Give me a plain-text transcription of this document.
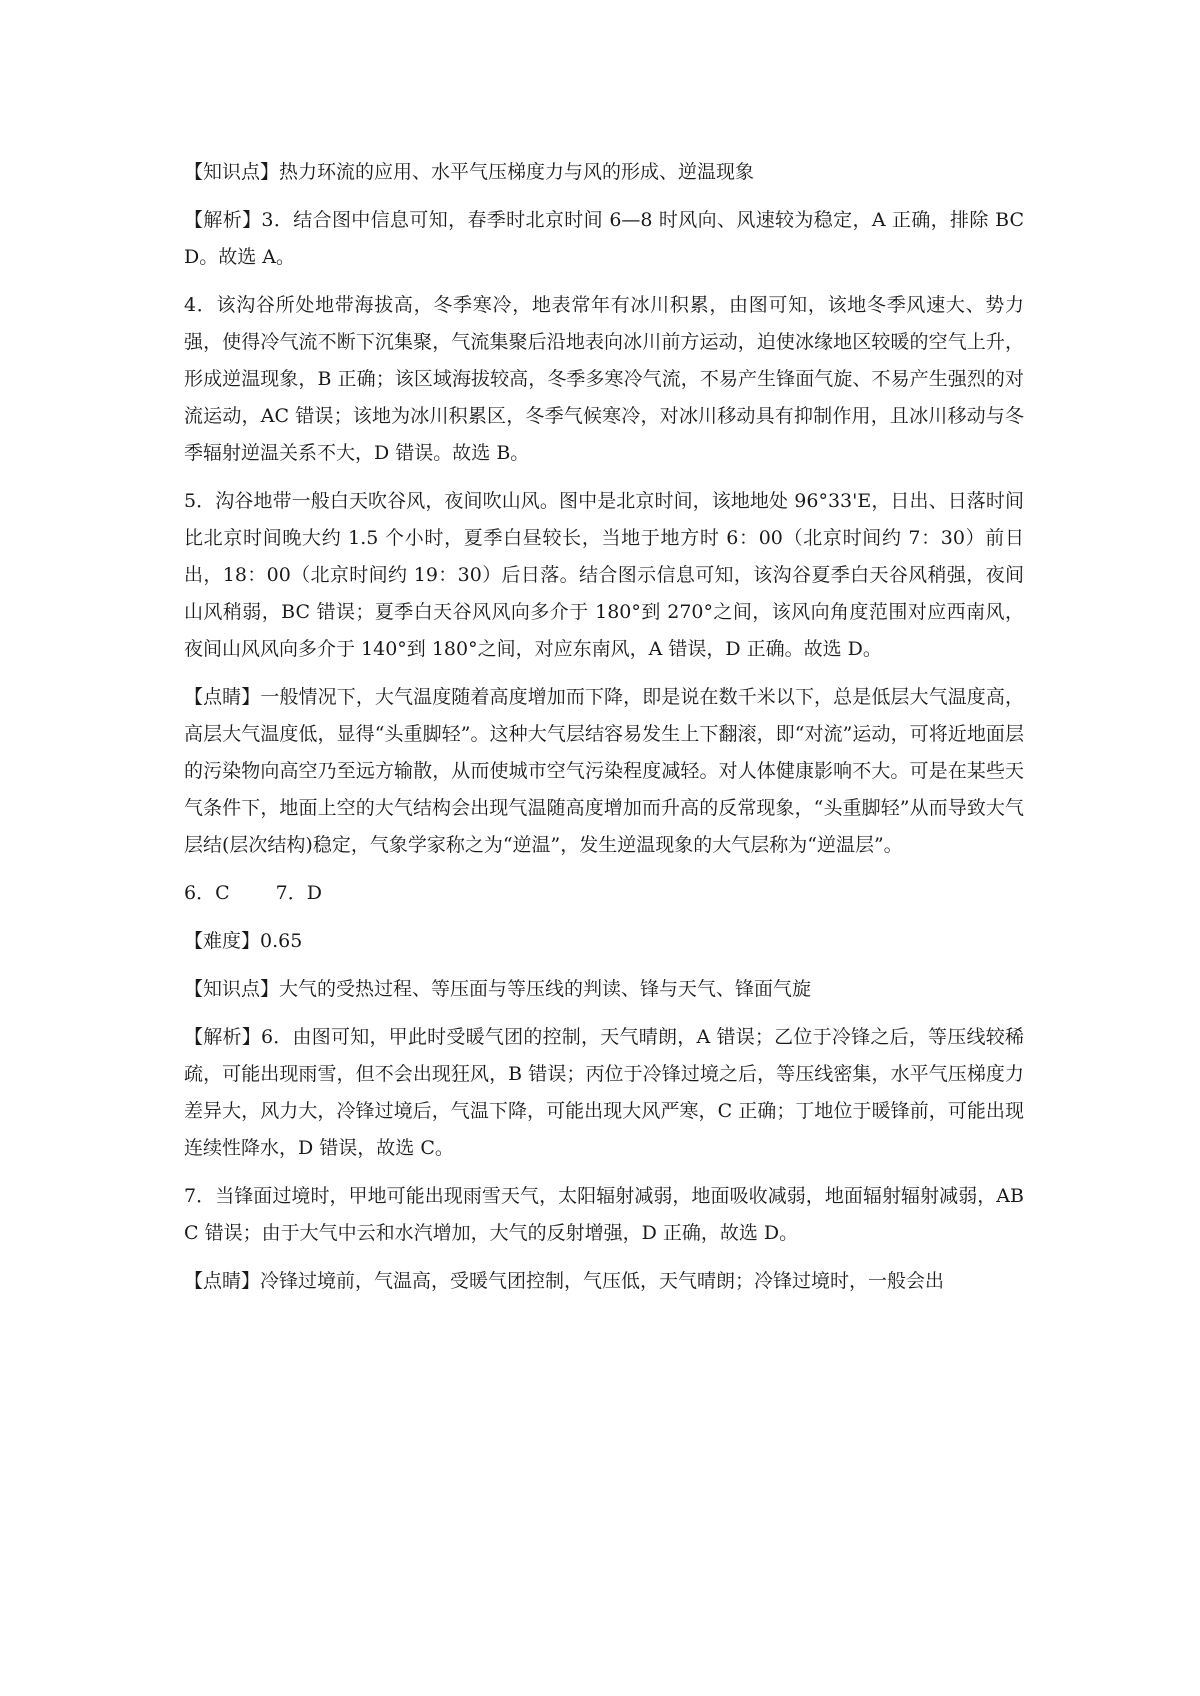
【知识点】热力环流的应用、水平气压梯度力与风的形成、逆温现象

【解析】3．结合图中信息可知，春季时北京时间 6—8 时风向、风速较为稳定，A 正确，排除 BCD。故选 A。

4．该沟谷所处地带海拔高，冬季寒冷，地表常年有冰川积累，由图可知，该地冬季风速大、势力强，使得冷气流不断下沉集聚，气流集聚后沿地表向冰川前方运动，迫使冰缘地区较暖的空气上升，形成逆温现象，B 正确；该区域海拔较高，冬季多寒冷气流，不易产生锋面气旋、不易产生强烈的对流运动，AC 错误；该地为冰川积累区，冬季气候寒冷，对冰川移动具有抑制作用，且冰川移动与冬季辐射逆温关系不大，D 错误。故选 B。

5．沟谷地带一般白天吹谷风，夜间吹山风。图中是北京时间，该地地处 96°33'E，日出、日落时间比北京时间晚大约 1.5 个小时，夏季白昼较长，当地于地方时 6：00（北京时间约 7：30）前日出，18：00（北京时间约 19：30）后日落。结合图示信息可知，该沟谷夏季白天谷风稍强，夜间山风稍弱，BC 错误；夏季白天谷风风向多介于 180°到 270°之间，该风向角度范围对应西南风，夜间山风风向多介于 140°到 180°之间，对应东南风，A 错误，D 正确。故选 D。

【点睛】一般情况下，大气温度随着高度增加而下降，即是说在数千米以下，总是低层大气温度高，高层大气温度低，显得“头重脚轻”。这种大气层结容易发生上下翻滚，即“对流”运动，可将近地面层的污染物向高空乃至远方输散，从而使城市空气污染程度减轻。对人体健康影响不大。可是在某些天气条件下，地面上空的大气结构会出现气温随高度增加而升高的反常现象，“头重脚轻”从而导致大气层结(层次结构)稳定，气象学家称之为“逆温”，发生逆温现象的大气层称为“逆温层”。

6．C 7．D

【难度】0.65

【知识点】大气的受热过程、等压面与等压线的判读、锋与天气、锋面气旋

【解析】6．由图可知，甲此时受暖气团的控制，天气晴朗，A 错误；乙位于冷锋之后，等压线较稀疏，可能出现雨雪，但不会出现狂风，B 错误；丙位于冷锋过境之后，等压线密集，水平气压梯度力差异大，风力大，冷锋过境后，气温下降，可能出现大风严寒，C 正确；丁地位于暖锋前，可能出现连续性降水，D 错误，故选 C。

7．当锋面过境时，甲地可能出现雨雪天气，太阳辐射减弱，地面吸收减弱，地面辐射辐射减弱，ABC 错误；由于大气中云和水汽增加，大气的反射增强，D 正确，故选 D。

【点睛】冷锋过境前，气温高，受暖气团控制，气压低，天气晴朗；冷锋过境时，一般会出
